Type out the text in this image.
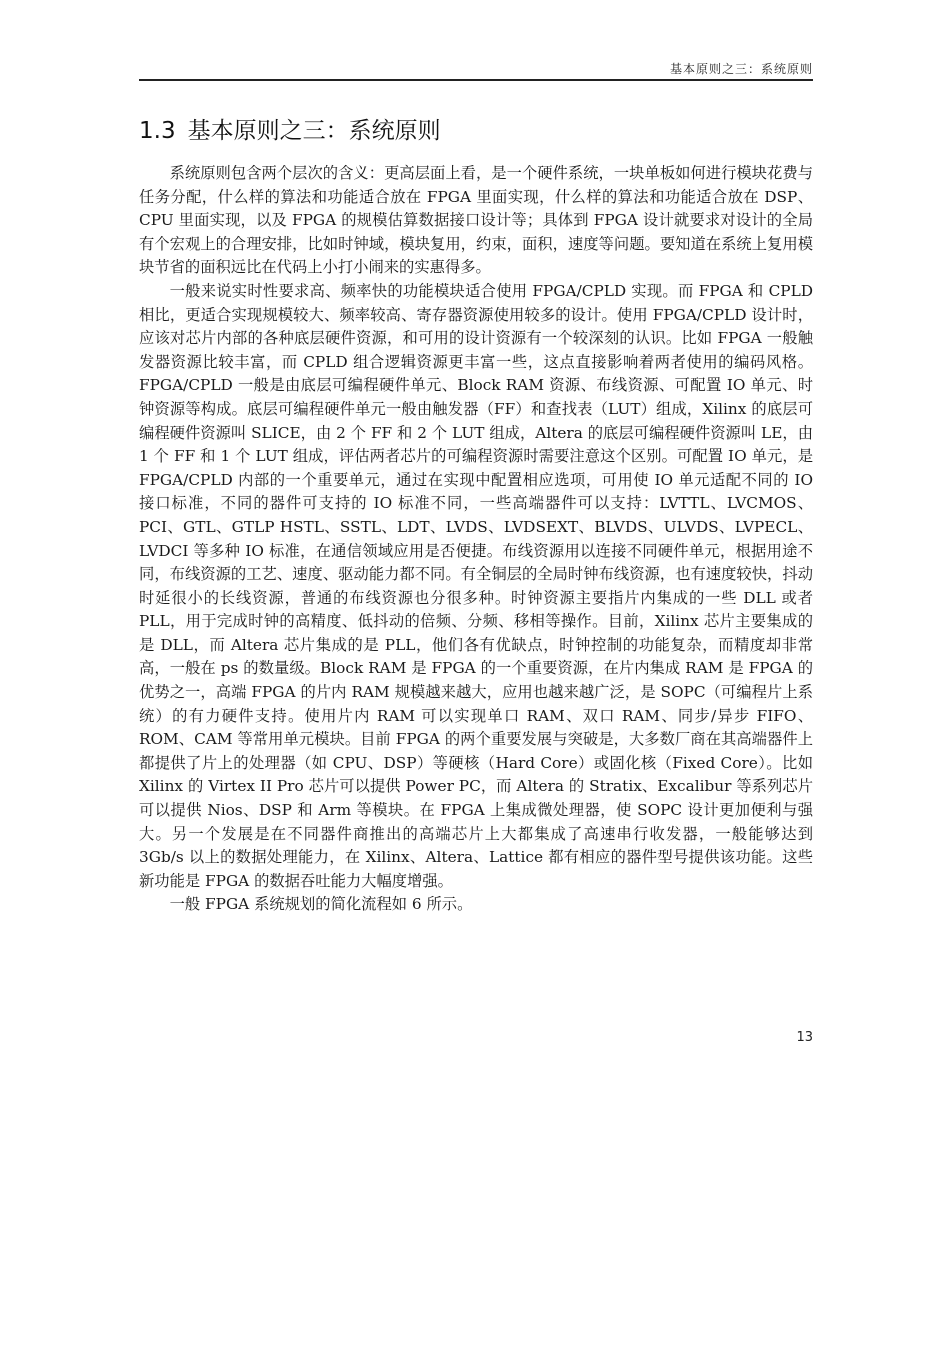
基本原则之三：系统原则
1.3 基本原则之三：系统原则

系统原则包含两个层次的含义：更高层面上看，是一个硬件系统，一块单板如何进行模块花费与任务分配，什么样的算法和功能适合放在 FPGA 里面实现，什么样的算法和功能适合放在 DSP、CPU 里面实现，以及 FPGA 的规模估算数据接口设计等；具体到 FPGA 设计就要求对设计的全局有个宏观上的合理安排，比如时钟域，模块复用，约束，面积，速度等问题。要知道在系统上复用模块节省的面积远比在代码上小打小闹来的实惠得多。

一般来说实时性要求高、频率快的功能模块适合使用 FPGA/CPLD 实现。而 FPGA 和 CPLD 相比，更适合实现规模较大、频率较高、寄存器资源使用较多的设计。使用 FPGA/CPLD 设计时，应该对芯片内部的各种底层硬件资源，和可用的设计资源有一个较深刻的认识。比如 FPGA 一般触发器资源比较丰富，而 CPLD 组合逻辑资源更丰富一些，这点直接影响着两者使用的编码风格。FPGA/CPLD 一般是由底层可编程硬件单元、Block RAM 资源、布线资源、可配置 IO 单元、时钟资源等构成。底层可编程硬件单元一般由触发器（FF）和查找表（LUT）组成，Xilinx 的底层可编程硬件资源叫 SLICE，由 2 个 FF 和 2 个 LUT 组成，Altera 的底层可编程硬件资源叫 LE，由 1 个 FF 和 1 个 LUT 组成，评估两者芯片的可编程资源时需要注意这个区别。可配置 IO 单元，是 FPGA/CPLD 内部的一个重要单元，通过在实现中配置相应选项，可用使 IO 单元适配不同的 IO 接口标准，不同的器件可支持的 IO 标准不同，一些高端器件可以支持：LVTTL、LVCMOS、PCI、GTL、GTLP HSTL、SSTL、LDT、LVDS、LVDSEXT、BLVDS、ULVDS、LVPECL、LVDCI 等多种 IO 标准，在通信领域应用是否便捷。布线资源用以连接不同硬件单元，根据用途不同，布线资源的工艺、速度、驱动能力都不同。有全铜层的全局时钟布线资源，也有速度较快，抖动时延很小的长线资源，普通的布线资源也分很多种。时钟资源主要指片内集成的一些 DLL 或者 PLL，用于完成时钟的高精度、低抖动的倍频、分频、移相等操作。目前，Xilinx 芯片主要集成的是 DLL，而 Altera 芯片集成的是 PLL，他们各有优缺点，时钟控制的功能复杂，而精度却非常高，一般在 ps 的数量级。Block RAM 是 FPGA 的一个重要资源，在片内集成 RAM 是 FPGA 的优势之一，高端 FPGA 的片内 RAM 规模越来越大，应用也越来越广泛，是 SOPC（可编程片上系统）的有力硬件支持。使用片内 RAM 可以实现单口 RAM、双口 RAM、同步/异步 FIFO、ROM、CAM 等常用单元模块。目前 FPGA 的两个重要发展与突破是，大多数厂商在其高端器件上都提供了片上的处理器（如 CPU、DSP）等硬核（Hard Core）或固化核（Fixed Core）。比如 Xilinx 的 Virtex II Pro 芯片可以提供 Power PC，而 Altera 的 Stratix、Excalibur 等系列芯片可以提供 Nios、DSP 和 Arm 等模块。在 FPGA 上集成微处理器，使 SOPC 设计更加便利与强大。另一个发展是在不同器件商推出的高端芯片上大都集成了高速串行收发器，一般能够达到 3Gb/s 以上的数据处理能力，在 Xilinx、Altera、Lattice 都有相应的器件型号提供该功能。这些新功能是 FPGA 的数据吞吐能力大幅度增强。

一般 FPGA 系统规划的简化流程如 6 所示。

13
